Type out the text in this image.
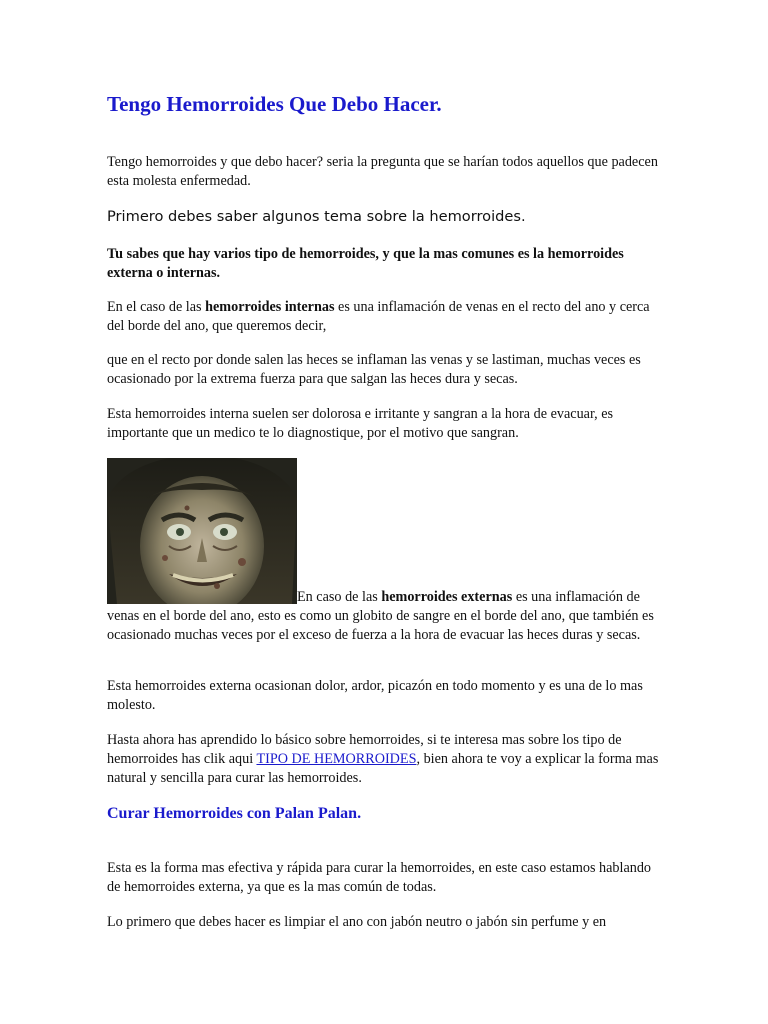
Tengo Hemorroides Que Debo Hacer.

Tengo hemorroides y que debo hacer? seria la pregunta que se harían todos aquellos que padecen esta molesta enfermedad.

Primero debes saber algunos tema sobre la hemorroides.

Tu sabes que hay varios tipo de hemorroides, y que la mas comunes es la hemorroides externa o internas.

En el caso de las hemorroides internas es una inflamación de venas en el recto del ano y cerca del borde del ano, que queremos decir,

que en el recto por donde salen las heces se inflaman las venas y se lastiman, muchas veces es ocasionado por la extrema fuerza para que salgan las heces dura y secas.

Esta hemorroides interna suelen ser dolorosa e irritante y sangran a la hora de evacuar, es importante que un medico te lo diagnostique, por el motivo que sangran.

En caso de las hemorroides externas es una inflamación de venas en el borde del ano, esto es como un globito de sangre en el borde del ano, que también es ocasionado muchas veces por el exceso de fuerza a la hora de evacuar las heces duras y secas.

Esta hemorroides externa ocasionan dolor, ardor, picazón en todo momento y es una de lo mas molesto.

Hasta ahora has aprendido lo básico sobre hemorroides, si te interesa mas sobre los tipo de hemorroides has clik aqui TIPO DE HEMORROIDES, bien ahora te voy a explicar la forma mas natural y sencilla para curar las hemorroides.

Curar Hemorroides con Palan Palan.

Esta es la forma mas efectiva y rápida para curar la hemorroides, en este caso estamos hablando de hemorroides externa, ya que es la mas común de todas.

Lo primero que debes hacer es limpiar el ano con jabón neutro o jabón sin perfume y en
